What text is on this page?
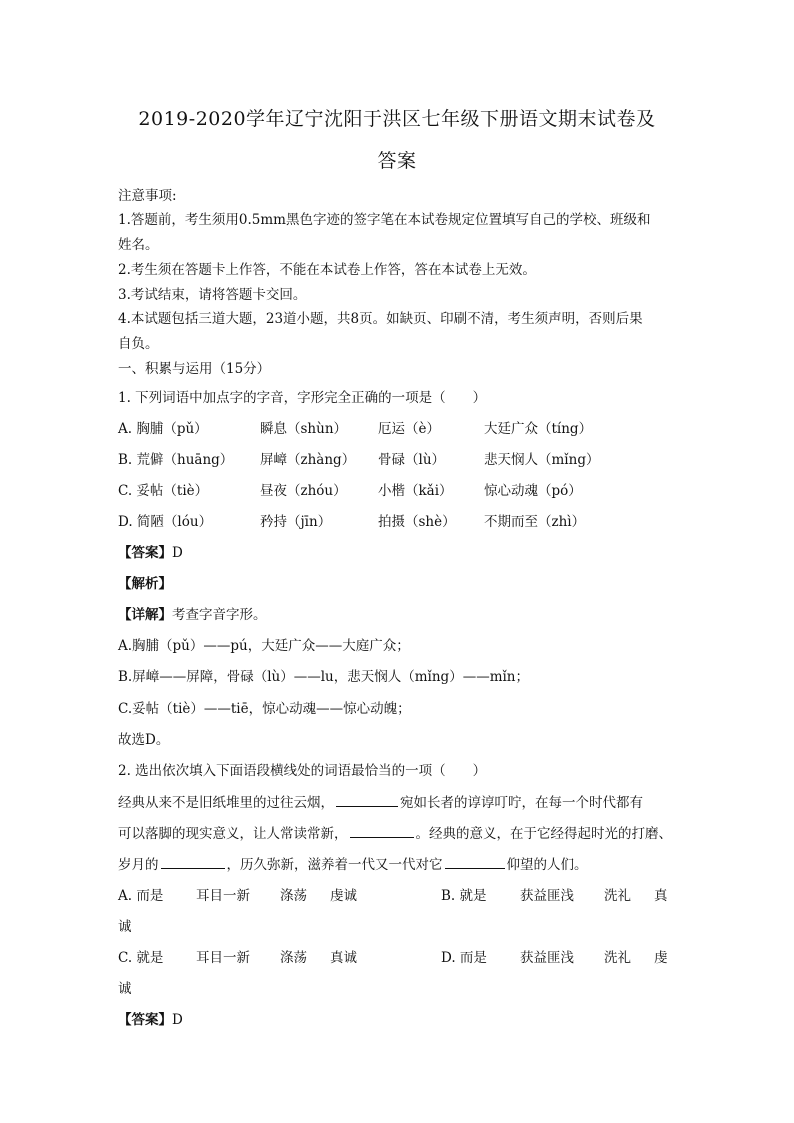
2019-2020学年辽宁沈阳于洪区七年级下册语文期末试卷及
答案
注意事项:
1.答题前，考生须用0.5mm黑色字迹的签字笔在本试卷规定位置填写自己的学校、班级和
姓名。
2.考生须在答题卡上作答，不能在本试卷上作答，答在本试卷上无效。
3.考试结束，请将答题卡交回。
4.本试题包括三道大题，23道小题，共8页。如缺页、印刷不清，考生须声明，否则后果
自负。
一、积累与运用（15分）
1. 下列词语中加点字的字音，字形完全正确的一项是（　　）
A. 胸脯（pǔ）	瞬息（shùn） 厄运（è）	大廷广众（tíng）
B. 荒僻（huāng） 屏嶂（zhàng） 骨碌（lù）	悲天悯人（mǐng）
C. 妥帖（tiè）	昼夜（zhóu） 小楷（kǎi） 惊心动魂（pó）
D. 简陋（lóu）	矜持（jīn）	拍摄（shè） 不期而至（zhì）
【答案】D
【解析】
【详解】考查字音字形。
A.胸脯（pǔ）——pú，大廷广众——大庭广众；
B.屏嶂——屏障，骨碌（lù）——lu，悲天悯人（mǐng）——mǐn；
C.妥帖（tiè）——tiē，惊心动魂——惊心动魄；
故选D。
2. 选出依次填入下面语段横线处的词语最恰当的一项（　　）
经典从来不是旧纸堆里的过往云烟，	宛如长者的谆谆叮咛，在每一个时代都有
可以落脚的现实意义，让人常读常新，	。经典的意义，在于它经得起时光的打磨、
岁月的	，历久弥新，滋养着一代又一代对它	仰望的人们。
A. 而是 耳目一新 涤荡 虔诚	B. 就是 获益匪浅 洗礼 真
诚
C. 就是 耳目一新 涤荡 真诚	D. 而是 获益匪浅 洗礼 虔
诚
【答案】D
